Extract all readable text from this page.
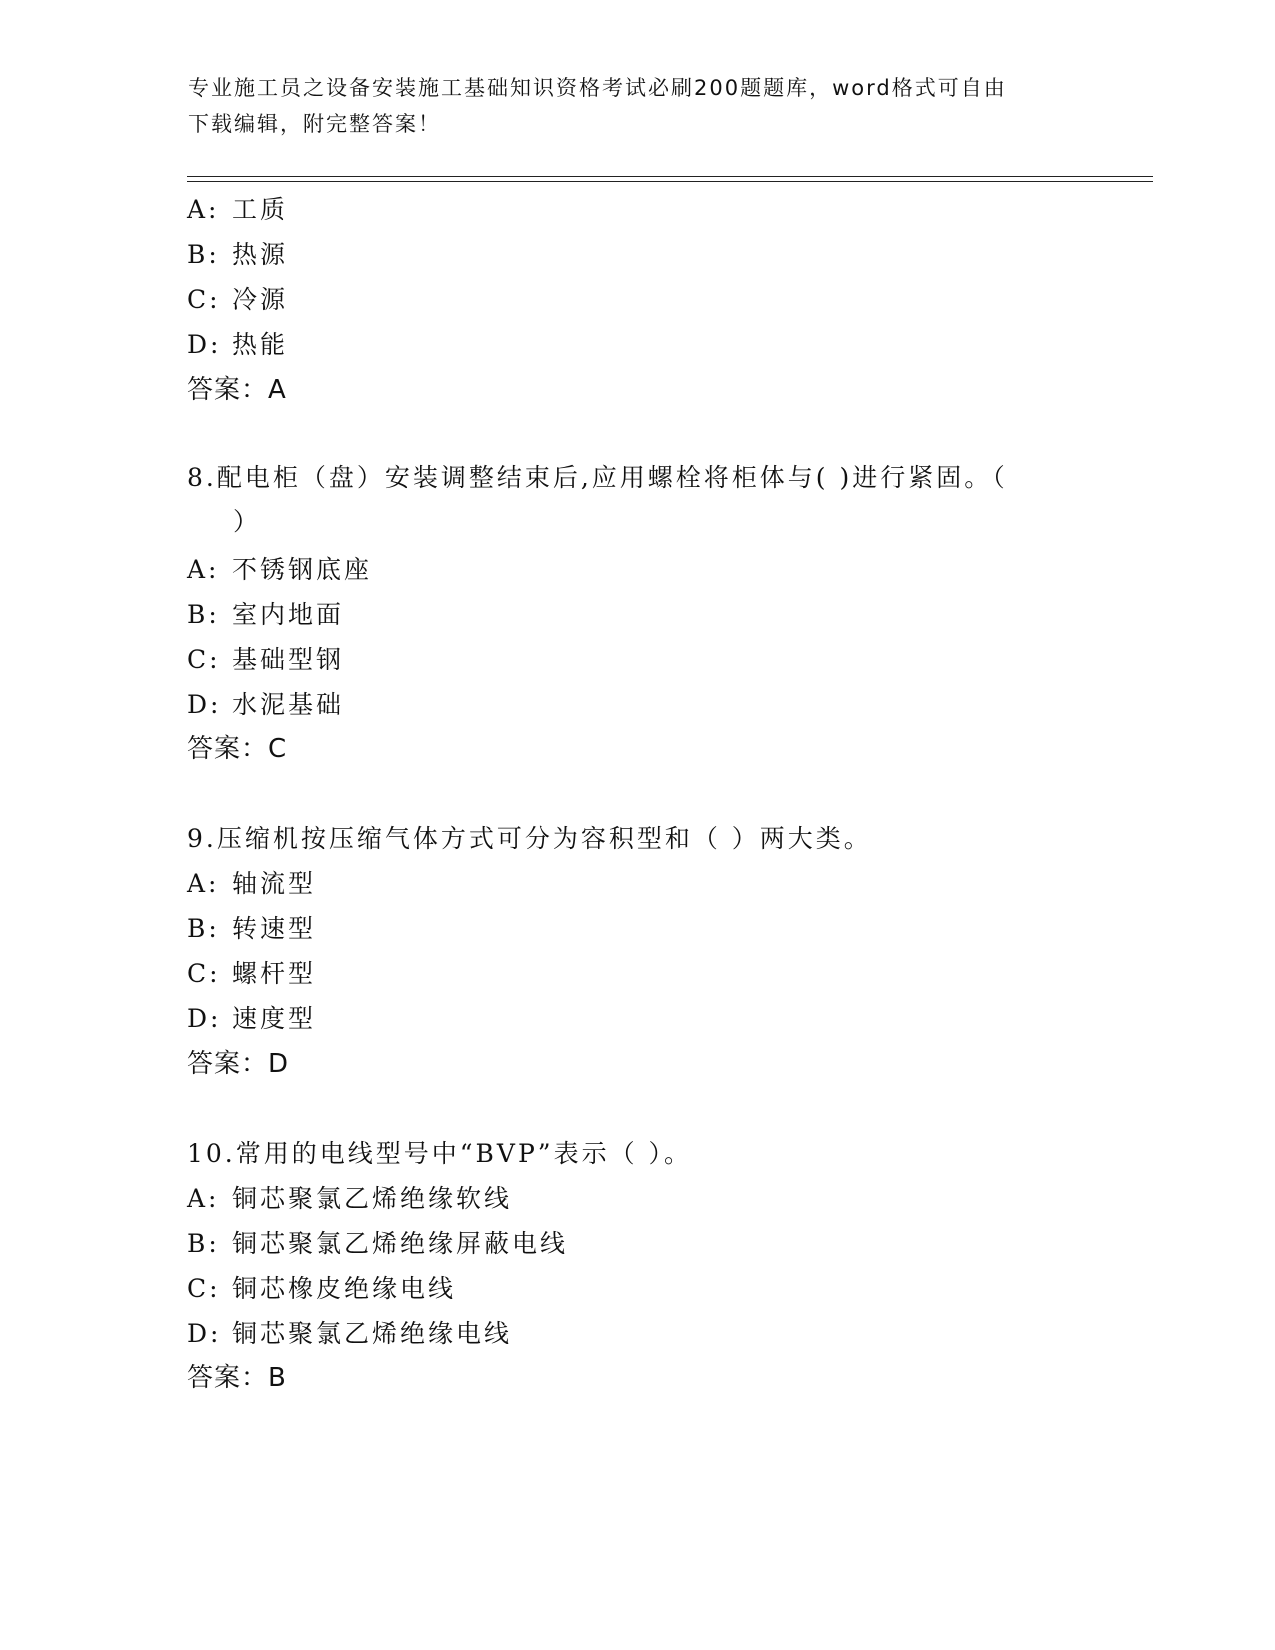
专业施工员之设备安装施工基础知识资格考试必刷200题题库，word格式可自由
下载编辑，附完整答案！
A: 工质
B: 热源
C: 冷源
D: 热能
答案：A
8.配电柜（盘）安装调整结束后,应用螺栓将柜体与( )进行紧固。（
）
A: 不锈钢底座
B: 室内地面
C: 基础型钢
D: 水泥基础
答案：C
9.压缩机按压缩气体方式可分为容积型和（ ）两大类。
A: 轴流型
B: 转速型
C: 螺杆型
D: 速度型
答案：D
10.常用的电线型号中“BVP”表示（ ）。
A: 铜芯聚氯乙烯绝缘软线
B: 铜芯聚氯乙烯绝缘屏蔽电线
C: 铜芯橡皮绝缘电线
D: 铜芯聚氯乙烯绝缘电线
答案：B
